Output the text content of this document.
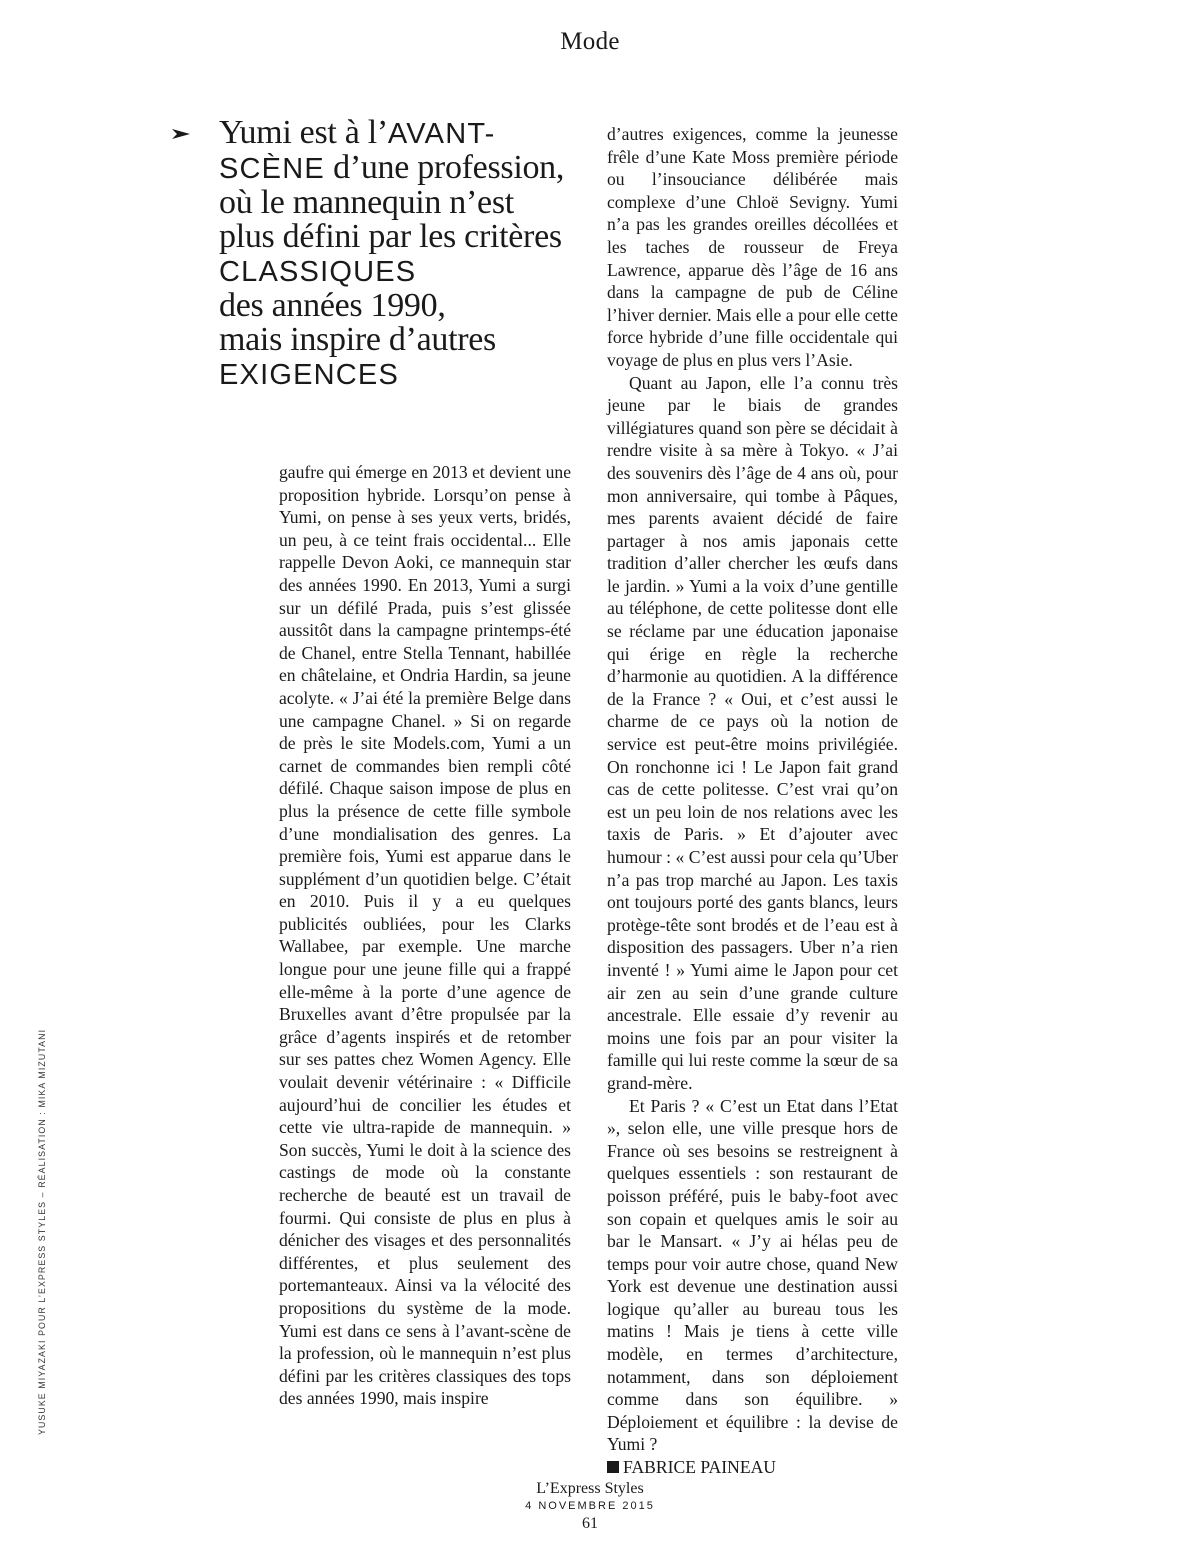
Mode
YUSUKE MIYAZAKI POUR L’EXPRESS STYLES – RÉALISATION : MIKA MIZUTANI
Yumi est à l’AVANT-
SCÈNE d’une profession,
où le mannequin n’est
plus défini par les critères
CLASSIQUES
des années 1990,
mais inspire d’autres
EXIGENCES

gaufre qui émerge en 2013 et devient une proposition hybride. Lorsqu’on pense à Yumi, on pense à ses yeux verts, bridés, un peu, à ce teint frais occidental... Elle rappelle Devon Aoki, ce mannequin star des années 1990. En 2013, Yumi a surgi sur un défilé Prada, puis s’est glissée aussitôt dans la campagne printemps-été de Chanel, entre Stella Tennant, habillée en châtelaine, et Ondria Hardin, sa jeune acolyte. « J’ai été la première Belge dans une campagne Chanel. » Si on regarde de près le site Models.com, Yumi a un carnet de commandes bien rempli côté défilé. Chaque saison impose de plus en plus la présence de cette fille symbole d’une mondialisation des genres. La première fois, Yumi est apparue dans le supplément d’un quotidien belge. C’était en 2010. Puis il y a eu quelques publicités oubliées, pour les Clarks Wallabee, par exemple. Une marche longue pour une jeune fille qui a frappé elle-même à la porte d’une agence de Bruxelles avant d’être propulsée par la grâce d’agents inspirés et de retomber sur ses pattes chez Women Agency. Elle voulait devenir vétérinaire : « Difficile aujourd’hui de concilier les études et cette vie ultra-rapide de mannequin. » Son succès, Yumi le doit à la science des castings de mode où la constante recherche de beauté est un travail de fourmi. Qui consiste de plus en plus à dénicher des visages et des personnalités différentes, et plus seulement des portemanteaux. Ainsi va la vélocité des propositions du système de la mode. Yumi est dans ce sens à l’avant-scène de la profession, où le mannequin n’est plus défini par les critères classiques des tops des années 1990, mais inspire

d’autres exigences, comme la jeunesse frêle d’une Kate Moss première période ou l’insouciance délibérée mais complexe d’une Chloë Sevigny. Yumi n’a pas les grandes oreilles décollées et les taches de rousseur de Freya Lawrence, apparue dès l’âge de 16 ans dans la campagne de pub de Céline l’hiver dernier. Mais elle a pour elle cette force hybride d’une fille occidentale qui voyage de plus en plus vers l’Asie.

Quant au Japon, elle l’a connu très jeune par le biais de grandes villégiatures quand son père se décidait à rendre visite à sa mère à Tokyo. « J’ai des souvenirs dès l’âge de 4 ans où, pour mon anniversaire, qui tombe à Pâques, mes parents avaient décidé de faire partager à nos amis japonais cette tradition d’aller chercher les œufs dans le jardin. » Yumi a la voix d’une gentille au téléphone, de cette politesse dont elle se réclame par une éducation japonaise qui érige en règle la recherche d’harmonie au quotidien. A la différence de la France ? « Oui, et c’est aussi le charme de ce pays où la notion de service est peut-être moins privilégiée. On ronchonne ici ! Le Japon fait grand cas de cette politesse. C’est vrai qu’on est un peu loin de nos relations avec les taxis de Paris. » Et d’ajouter avec humour : « C’est aussi pour cela qu’Uber n’a pas trop marché au Japon. Les taxis ont toujours porté des gants blancs, leurs protège-tête sont brodés et de l’eau est à disposition des passagers. Uber n’a rien inventé ! » Yumi aime le Japon pour cet air zen au sein d’une grande culture ancestrale. Elle essaie d’y revenir au moins une fois par an pour visiter la famille qui lui reste comme la sœur de sa grand-mère.

Et Paris ? « C’est un Etat dans l’Etat », selon elle, une ville presque hors de France où ses besoins se restreignent à quelques essentiels : son restaurant de poisson préféré, puis le baby-foot avec son copain et quelques amis le soir au bar le Mansart. « J’y ai hélas peu de temps pour voir autre chose, quand New York est devenue une destination aussi logique qu’aller au bureau tous les matins ! Mais je tiens à cette ville modèle, en termes d’architecture, notamment, dans son déploiement comme dans son équilibre. » Déploiement et équilibre : la devise de Yumi ?

FABRICE PAINEAU

L’Express Styles
4 NOVEMBRE 2015
61
